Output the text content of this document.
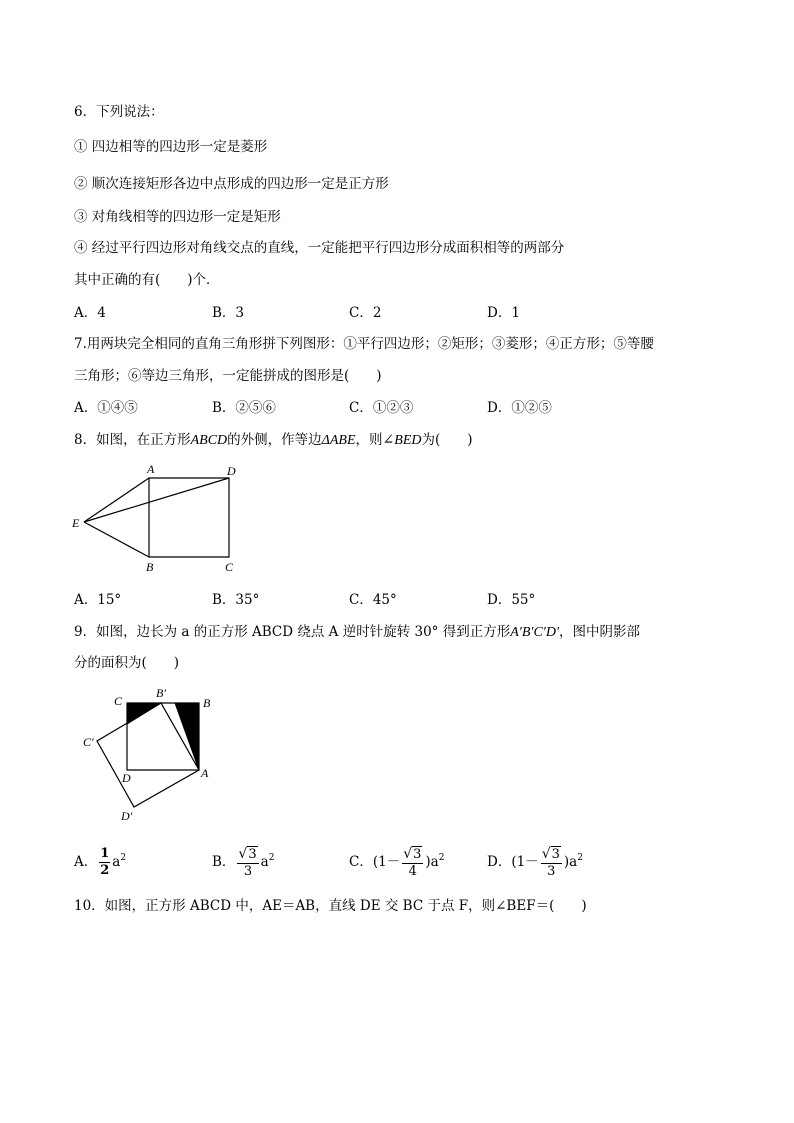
6．下列说法：
① 四边相等的四边形一定是菱形
② 顺次连接矩形各边中点形成的四边形一定是正方形
③ 对角线相等的四边形一定是矩形
④ 经过平行四边形对角线交点的直线，一定能把平行四边形分成面积相等的两部分
其中正确的有(　　)个．
A．4	B．3	C．2	D．1
7.用两块完全相同的直角三角形拼下列图形：①平行四边形；②矩形；③菱形；④正方形；⑤等腰
三角形；⑥等边三角形，一定能拼成的图形是(　　)
A．①④⑤	B．②⑤⑥	C．①②③	D．①②⑤
8．如图，在正方形ABCD的外侧，作等边ΔABE，则∠BED为(　　)
A	D
E
B	C
A．15°	B．35°	C．45°	D．55°
9．如图，边长为 a 的正方形 ABCD 绕点 A 逆时针旋转 30° 得到正方形A′B′C′D′，图中阴影部
分的面积为(　　)
C
B′
B
C′
D	A
D′
A． $\frac{1}{2} a^2$	B． $\frac{√3}{3} a^2$	C．$(1- \frac{√3}{4} )a^2$	D．$(1- \frac{√3}{3} )a^2$
10．如图，正方形 ABCD 中，AE＝AB，直线 DE 交 BC 于点 F，则∠BEF＝(　　)
